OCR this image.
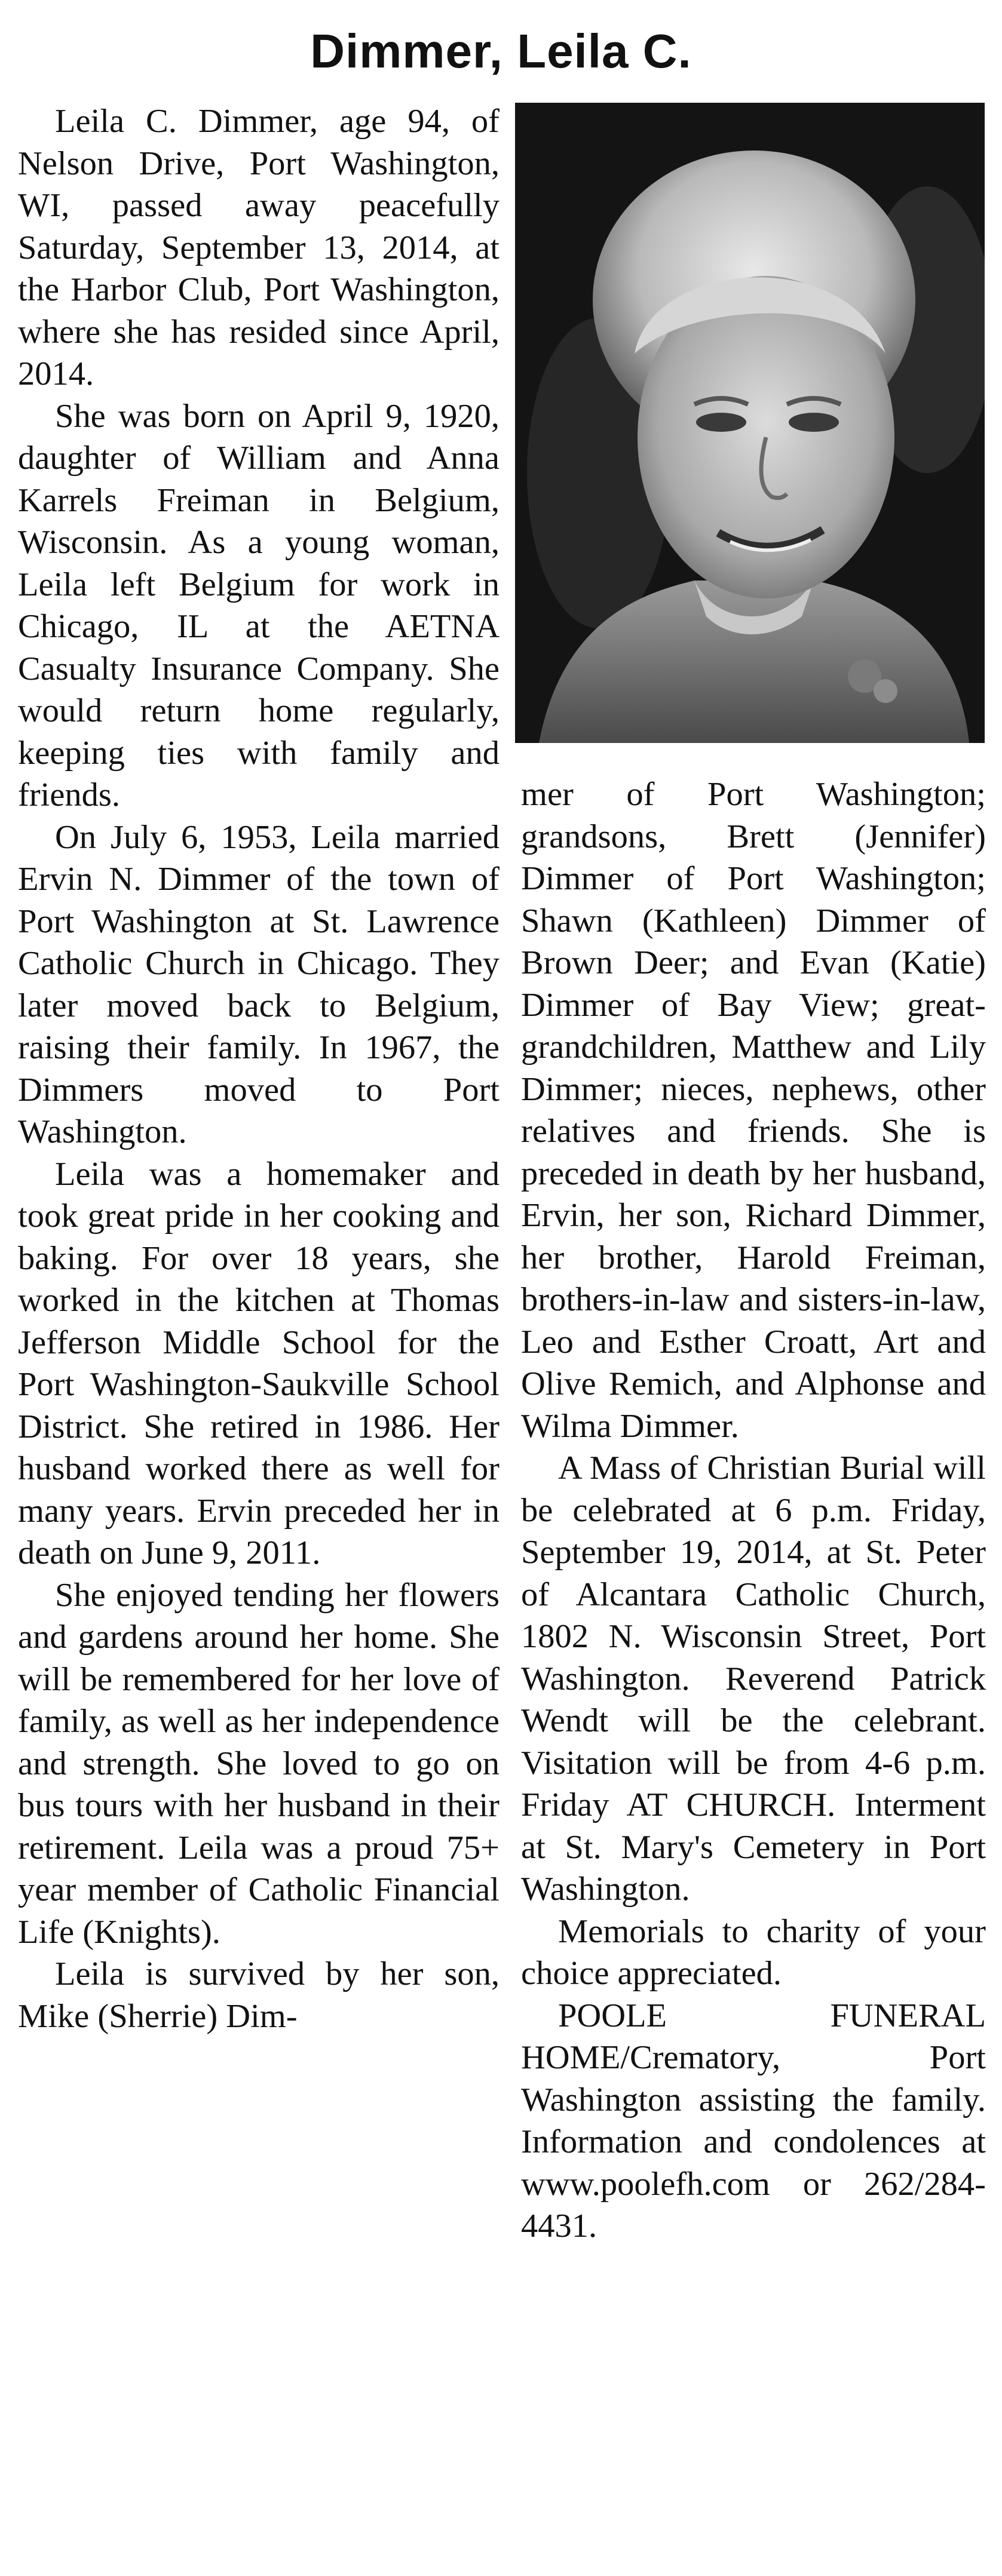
Dimmer, Leila C.

Leila C. Dimmer, age 94, of Nelson Drive, Port Washington, WI, passed away peacefully Saturday, September 13, 2014, at the Harbor Club, Port Washington, where she has resided since April, 2014.

She was born on April 9, 1920, daughter of William and Anna Karrels Freiman in Belgium, Wisconsin. As a young woman, Leila left Belgium for work in Chicago, IL at the AETNA Casualty Insurance Company. She would return home regularly, keeping ties with family and friends.

On July 6, 1953, Leila married Ervin N. Dimmer of the town of Port Washington at St. Lawrence Catholic Church in Chicago. They later moved back to Belgium, raising their family. In 1967, the Dimmers moved to Port Washington.

Leila was a homemaker and took great pride in her cooking and baking. For over 18 years, she worked in the kitchen at Thomas Jefferson Middle School for the Port Washington-Saukville School District. She retired in 1986. Her husband worked there as well for many years. Ervin preceded her in death on June 9, 2011.

She enjoyed tending her flowers and gardens around her home. She will be remembered for her love of family, as well as her independence and strength. She loved to go on bus tours with her husband in their retirement. Leila was a proud 75+ year member of Catholic Financial Life (Knights).

Leila is survived by her son, Mike (Sherrie) Dim-

mer of Port Washington; grandsons, Brett (Jennifer) Dimmer of Port Washington; Shawn (Kathleen) Dimmer of Brown Deer; and Evan (Katie) Dimmer of Bay View; great-grandchildren, Matthew and Lily Dimmer; nieces, nephews, other relatives and friends. She is preceded in death by her husband, Ervin, her son, Richard Dimmer, her brother, Harold Freiman, brothers-in-law and sisters-in-law, Leo and Esther Croatt, Art and Olive Remich, and Alphonse and Wilma Dimmer.

A Mass of Christian Burial will be celebrated at 6 p.m. Friday, September 19, 2014, at St. Peter of Alcantara Catholic Church, 1802 N. Wisconsin Street, Port Washington. Reverend Patrick Wendt will be the celebrant. Visitation will be from 4-6 p.m. Friday AT CHURCH. Interment at St. Mary's Cemetery in Port Washington.

Memorials to charity of your choice appreciated.

POOLE FUNERAL HOME/Crematory, Port Washington assisting the family. Information and condolences at www.poolefh.com or 262/284-4431.
